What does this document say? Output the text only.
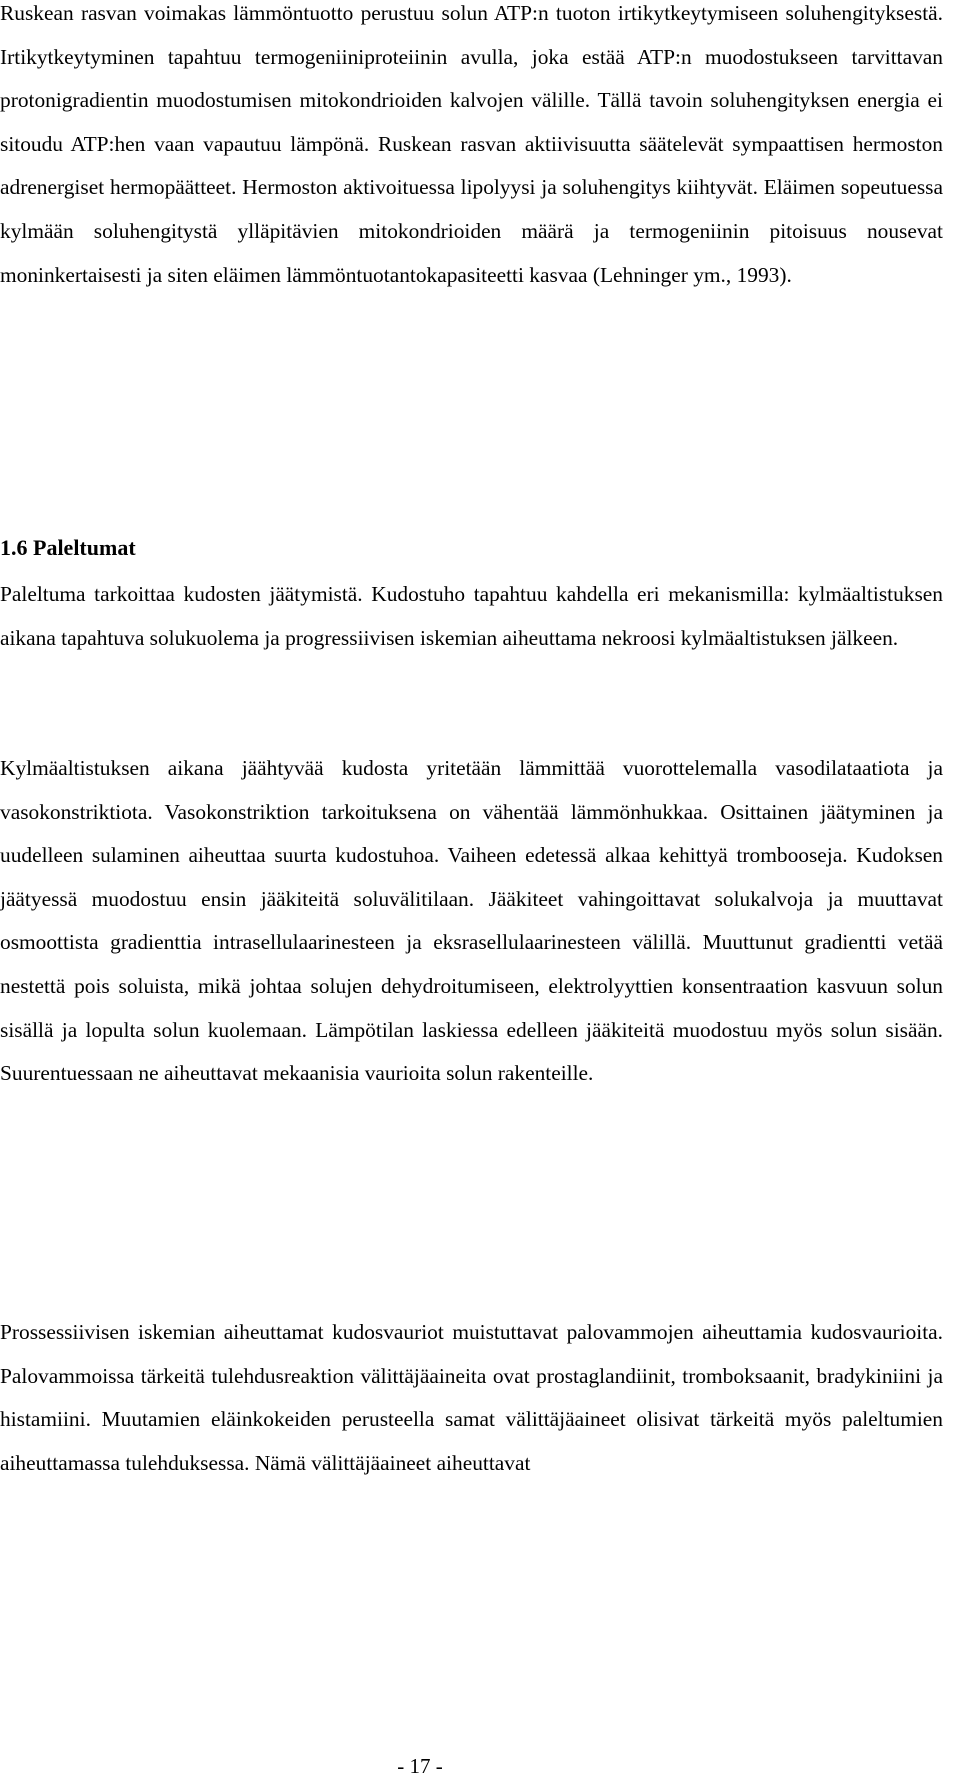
Ruskean rasvan voimakas lämmöntuotto perustuu solun ATP:n tuoton irtikytkeytymiseen soluhengityksestä. Irtikytkeytyminen tapahtuu termogeniiniproteiinin avulla, joka estää ATP:n muodostukseen tarvittavan protonigradientin muodostumisen mitokondrioiden kalvojen välille. Tällä tavoin soluhengityksen energia ei sitoudu ATP:hen vaan vapautuu lämpönä. Ruskean rasvan aktiivisuutta säätelevät sympaattisen hermoston adrenergiset hermopäätteet. Hermoston aktivoituessa lipolyysi ja soluhengitys kiihtyvät. Eläimen sopeutuessa kylmään soluhengitystä ylläpitävien mitokondrioiden määrä ja termogeniinin pitoisuus nousevat moninkertaisesti ja siten eläimen lämmöntuotantokapasiteetti kasvaa (Lehninger ym., 1993).

1.6 Paleltumat

Paleltuma tarkoittaa kudosten jäätymistä. Kudostuho tapahtuu kahdella eri mekanismilla: kylmäaltistuksen aikana tapahtuva solukuolema ja progressiivisen iskemian aiheuttama nekroosi kylmäaltistuksen jälkeen.

Kylmäaltistuksen aikana jäähtyvää kudosta yritetään lämmittää vuorottelemalla vasodilataatiota ja vasokonstriktiota. Vasokonstriktion tarkoituksena on vähentää lämmönhukkaa. Osittainen jäätyminen ja uudelleen sulaminen aiheuttaa suurta kudostuhoa. Vaiheen edetessä alkaa kehittyä trombooseja. Kudoksen jäätyessä muodostuu ensin jääkiteitä soluvälitilaan. Jääkiteet vahingoittavat solukalvoja ja muuttavat osmoottista gradienttia intrasellulaarinesteen ja eksrasellulaarinesteen välillä. Muuttunut gradientti vetää nestettä pois soluista, mikä johtaa solujen dehydroitumiseen, elektrolyyttien konsentraation kasvuun solun sisällä ja lopulta solun kuolemaan. Lämpötilan laskiessa edelleen jääkiteitä muodostuu myös solun sisään. Suurentuessaan ne aiheuttavat mekaanisia vaurioita solun rakenteille.

Prossessiivisen iskemian aiheuttamat kudosvauriot muistuttavat palovammojen aiheuttamia kudosvaurioita. Palovammoissa tärkeitä tulehdusreaktion välittäjäaineita ovat prostaglandiinit, tromboksaanit, bradykiniini ja histamiini. Muutamien eläinkokeiden perusteella samat välittäjäaineet olisivat tärkeitä myös paleltumien aiheuttamassa tulehduksessa. Nämä välittäjäaineet aiheuttavat

- 17 -
